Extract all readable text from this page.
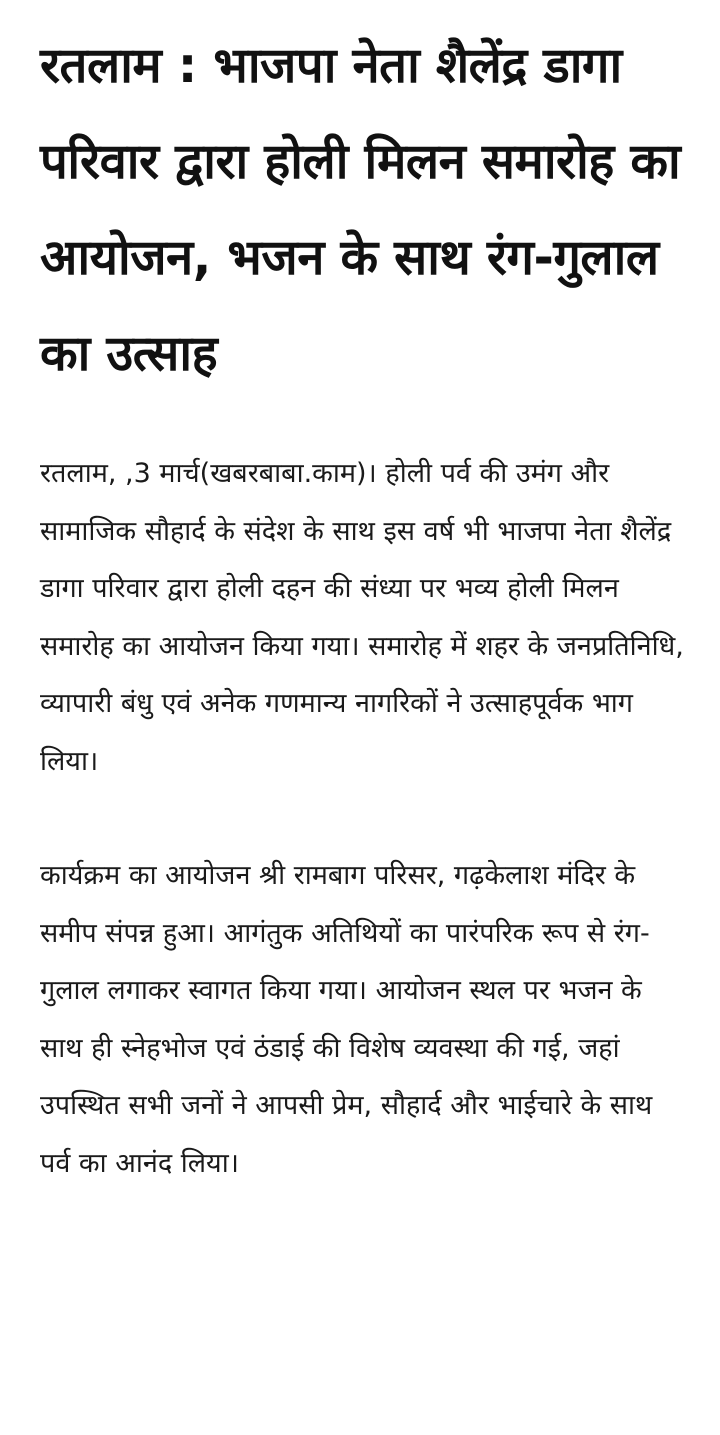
रतलाम : भाजपा नेता शैलेंद्र डागा परिवार द्वारा होली मिलन समारोह का आयोजन, भजन के साथ रंग-गुलाल का उत्साह

रतलाम, ,3 मार्च(खबरबाबा.काम)। होली पर्व की उमंग और सामाजिक सौहार्द के संदेश के साथ इस वर्ष भी भाजपा नेता शैलेंद्र डागा परिवार द्वारा होली दहन की संध्या पर भव्य होली मिलन समारोह का आयोजन किया गया। समारोह में शहर के जनप्रतिनिधि, व्यापारी बंधु एवं अनेक गणमान्य नागरिकों ने उत्साहपूर्वक भाग लिया।

कार्यक्रम का आयोजन श्री रामबाग परिसर, गढ़केलाश मंदिर के समीप संपन्न हुआ। आगंतुक अतिथियों का पारंपरिक रूप से रंग-गुलाल लगाकर स्वागत किया गया। आयोजन स्थल पर भजन के साथ ही स्नेहभोज एवं ठंडाई की विशेष व्यवस्था की गई, जहां उपस्थित सभी जनों ने आपसी प्रेम, सौहार्द और भाईचारे के साथ पर्व का आनंद लिया।
